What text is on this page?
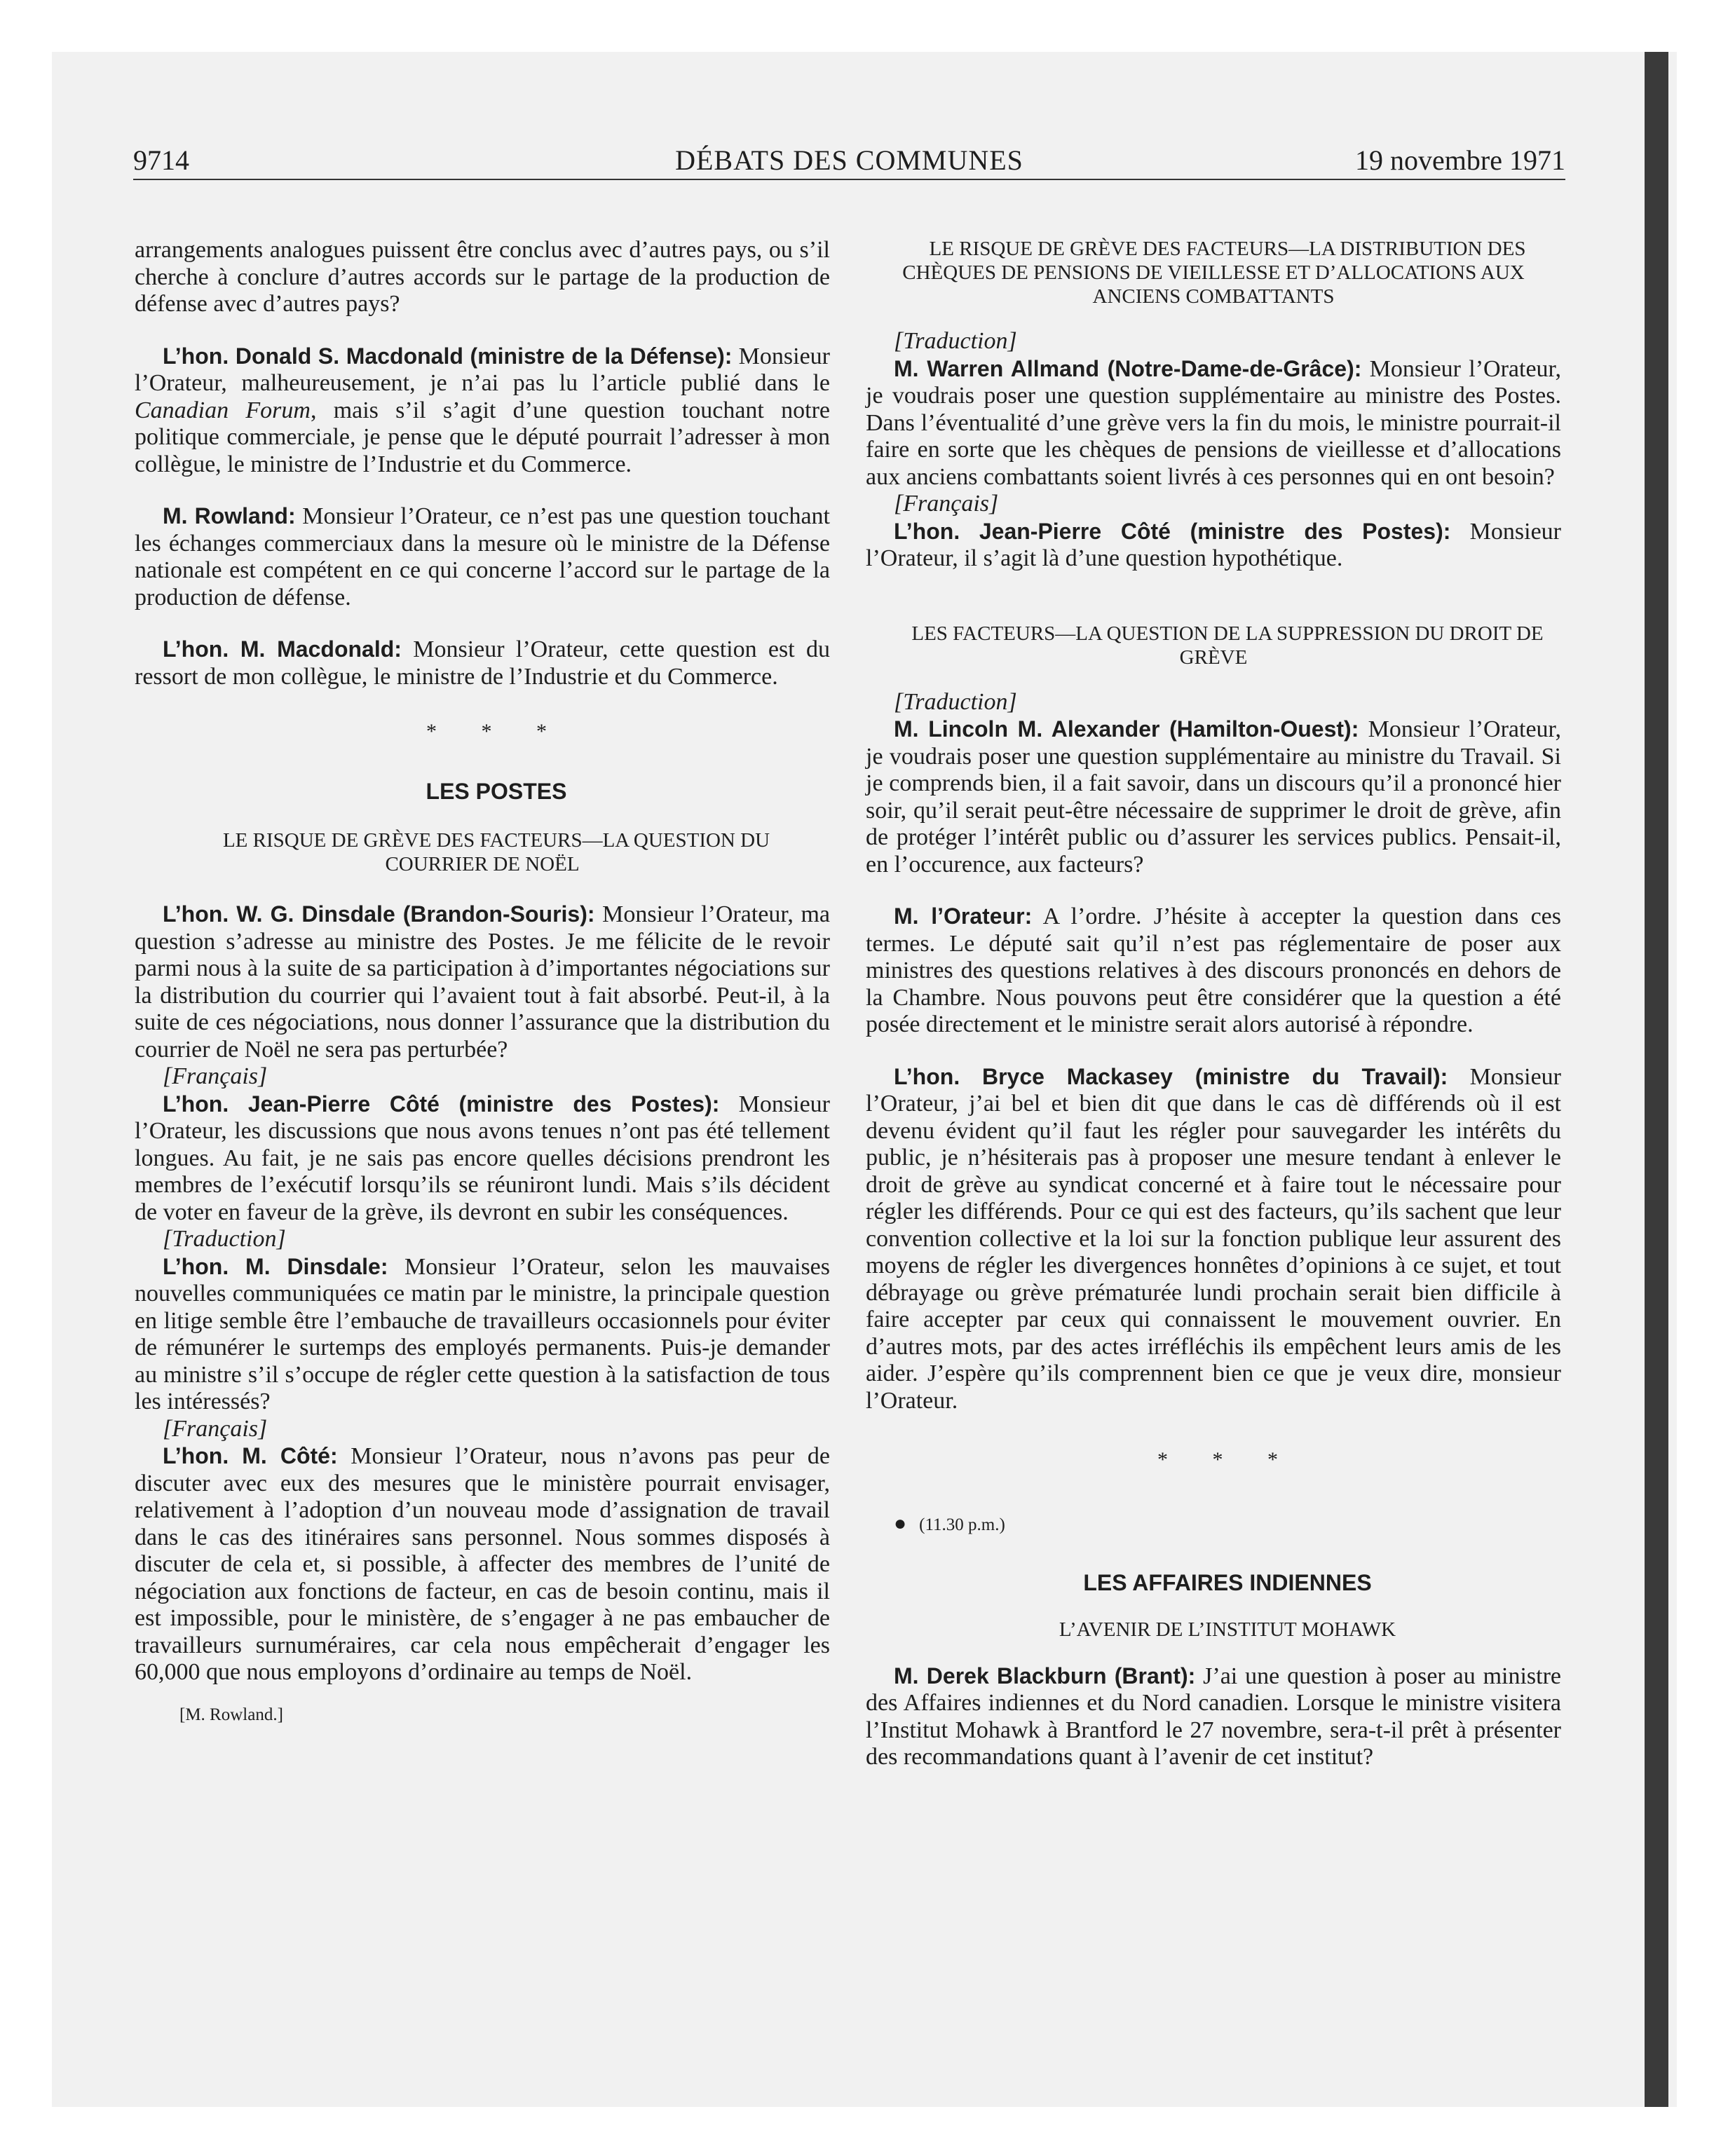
9714	DÉBATS DES COMMUNES	19 novembre 1971

arrangements analogues puissent être conclus avec d’autres pays, ou s’il cherche à conclure d’autres accords sur le partage de la production de défense avec d’autres pays?

L’hon. Donald S. Macdonald (ministre de la Défense): Monsieur l’Orateur, malheureusement, je n’ai pas lu l’article publié dans le Canadian Forum, mais s’il s’agit d’une question touchant notre politique commerciale, je pense que le député pourrait l’adresser à mon collègue, le ministre de l’Industrie et du Commerce.

M. Rowland: Monsieur l’Orateur, ce n’est pas une question touchant les échanges commerciaux dans la mesure où le ministre de la Défense nationale est compétent en ce qui concerne l’accord sur le partage de la production de défense.

L’hon. M. Macdonald: Monsieur l’Orateur, cette question est du ressort de mon collègue, le ministre de l’Industrie et du Commerce.

* * *

LES POSTES

LE RISQUE DE GRÈVE DES FACTEURS—LA QUESTION DU COURRIER DE NOËL

L’hon. W. G. Dinsdale (Brandon-Souris): Monsieur l’Orateur, ma question s’adresse au ministre des Postes. Je me félicite de le revoir parmi nous à la suite de sa participation à d’importantes négociations sur la distribution du courrier qui l’avaient tout à fait absorbé. Peut-il, à la suite de ces négociations, nous donner l’assurance que la distribution du courrier de Noël ne sera pas perturbée?

[Français]

L’hon. Jean-Pierre Côté (ministre des Postes): Monsieur l’Orateur, les discussions que nous avons tenues n’ont pas été tellement longues. Au fait, je ne sais pas encore quelles décisions prendront les membres de l’exécutif lorsqu’ils se réuniront lundi. Mais s’ils décident de voter en faveur de la grève, ils devront en subir les conséquences.

[Traduction]

L’hon. M. Dinsdale: Monsieur l’Orateur, selon les mauvaises nouvelles communiquées ce matin par le ministre, la principale question en litige semble être l’embauche de travailleurs occasionnels pour éviter de rémunérer le surtemps des employés permanents. Puis-je demander au ministre s’il s’occupe de régler cette question à la satisfaction de tous les intéressés?

[Français]

L’hon. M. Côté: Monsieur l’Orateur, nous n’avons pas peur de discuter avec eux des mesures que le ministère pourrait envisager, relativement à l’adoption d’un nouveau mode d’assignation de travail dans le cas des itinéraires sans personnel. Nous sommes disposés à discuter de cela et, si possible, à affecter des membres de l’unité de négociation aux fonctions de facteur, en cas de besoin continu, mais il est impossible, pour le ministère, de s’engager à ne pas embaucher de travailleurs surnuméraires, car cela nous empêcherait d’engager les 60,000 que nous employons d’ordinaire au temps de Noël.

[M. Rowland.]

LE RISQUE DE GRÈVE DES FACTEURS—LA DISTRIBUTION DES CHÈQUES DE PENSIONS DE VIEILLESSE ET D’ALLOCATIONS AUX ANCIENS COMBATTANTS

[Traduction]

M. Warren Allmand (Notre-Dame-de-Grâce): Monsieur l’Orateur, je voudrais poser une question supplémentaire au ministre des Postes. Dans l’éventualité d’une grève vers la fin du mois, le ministre pourrait-il faire en sorte que les chèques de pensions de vieillesse et d’allocations aux anciens combattants soient livrés à ces personnes qui en ont besoin?

[Français]

L’hon. Jean-Pierre Côté (ministre des Postes): Monsieur l’Orateur, il s’agit là d’une question hypothétique.

LES FACTEURS—LA QUESTION DE LA SUPPRESSION DU DROIT DE GRÈVE

[Traduction]

M. Lincoln M. Alexander (Hamilton-Ouest): Monsieur l’Orateur, je voudrais poser une question supplémentaire au ministre du Travail. Si je comprends bien, il a fait savoir, dans un discours qu’il a prononcé hier soir, qu’il serait peut-être nécessaire de supprimer le droit de grève, afin de protéger l’intérêt public ou d’assurer les services publics. Pensait-il, en l’occurence, aux facteurs?

M. l’Orateur: A l’ordre. J’hésite à accepter la question dans ces termes. Le député sait qu’il n’est pas réglementaire de poser aux ministres des questions relatives à des discours prononcés en dehors de la Chambre. Nous pouvons peut être considérer que la question a été posée directement et le ministre serait alors autorisé à répondre.

L’hon. Bryce Mackasey (ministre du Travail): Monsieur l’Orateur, j’ai bel et bien dit que dans le cas dè différends où il est devenu évident qu’il faut les régler pour sauvegarder les intérêts du public, je n’hésiterais pas à proposer une mesure tendant à enlever le droit de grève au syndicat concerné et à faire tout le nécessaire pour régler les différends. Pour ce qui est des facteurs, qu’ils sachent que leur convention collective et la loi sur la fonction publique leur assurent des moyens de régler les divergences honnêtes d’opinions à ce sujet, et tout débrayage ou grève prématurée lundi prochain serait bien difficile à faire accepter par ceux qui connaissent le mouvement ouvrier. En d’autres mots, par des actes irréfléchis ils empêchent leurs amis de les aider. J’espère qu’ils comprennent bien ce que je veux dire, monsieur l’Orateur.

* * *

● (11.30 p.m.)

LES AFFAIRES INDIENNES

L’AVENIR DE L’INSTITUT MOHAWK

M. Derek Blackburn (Brant): J’ai une question à poser au ministre des Affaires indiennes et du Nord canadien. Lorsque le ministre visitera l’Institut Mohawk à Brantford le 27 novembre, sera-t-il prêt à présenter des recommandations quant à l’avenir de cet institut?
